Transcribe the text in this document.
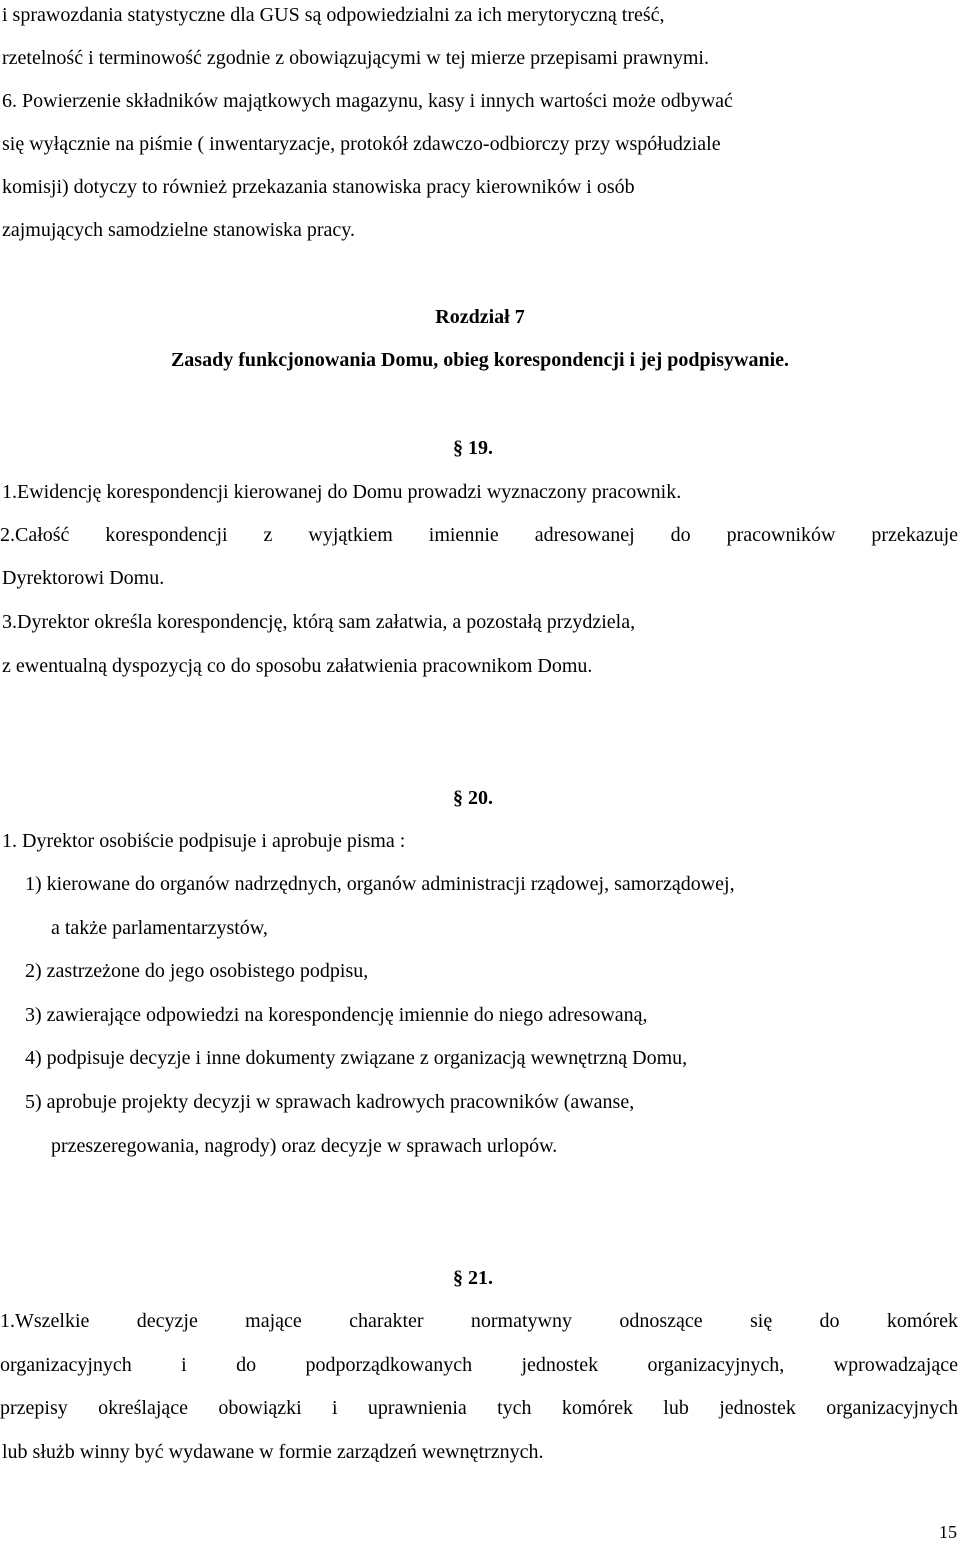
i sprawozdania statystyczne dla GUS są odpowiedzialni za ich merytoryczną treść,
rzetelność i terminowość zgodnie z obowiązującymi w tej mierze przepisami prawnymi.
6. Powierzenie składników majątkowych magazynu, kasy i innych wartości może odbywać
się wyłącznie na piśmie ( inwentaryzacje, protokół zdawczo-odbiorczy przy współudziale
komisji) dotyczy to również przekazania stanowiska pracy kierowników i osób
zajmujących samodzielne stanowiska pracy.
Rozdział 7
Zasady funkcjonowania Domu, obieg korespondencji i jej podpisywanie.
§ 19.
1.Ewidencję korespondencji kierowanej do Domu prowadzi wyznaczony pracownik.
2.Całość korespondencji z wyjątkiem imiennie adresowanej do pracowników przekazuje
Dyrektorowi Domu.
3.Dyrektor określa korespondencję, którą sam załatwia, a pozostałą przydziela,
z ewentualną dyspozycją co do sposobu załatwienia pracownikom Domu.
§ 20.
1. Dyrektor osobiście podpisuje i aprobuje pisma :
1) kierowane do organów nadrzędnych, organów administracji rządowej, samorządowej,
a także parlamentarzystów,
2) zastrzeżone do jego osobistego podpisu,
3) zawierające odpowiedzi na korespondencję imiennie do niego adresowaną,
4) podpisuje decyzje i inne dokumenty związane z organizacją wewnętrzną Domu,
5) aprobuje projekty decyzji w sprawach kadrowych pracowników (awanse,
przeszeregowania, nagrody) oraz decyzje w sprawach urlopów.
§ 21.
1.Wszelkie decyzje mające charakter normatywny odnoszące się do komórek
organizacyjnych i do podporządkowanych jednostek organizacyjnych, wprowadzające
przepisy określające obowiązki i uprawnienia tych komórek lub jednostek organizacyjnych
lub służb winny być wydawane w formie zarządzeń wewnętrznych.
15
